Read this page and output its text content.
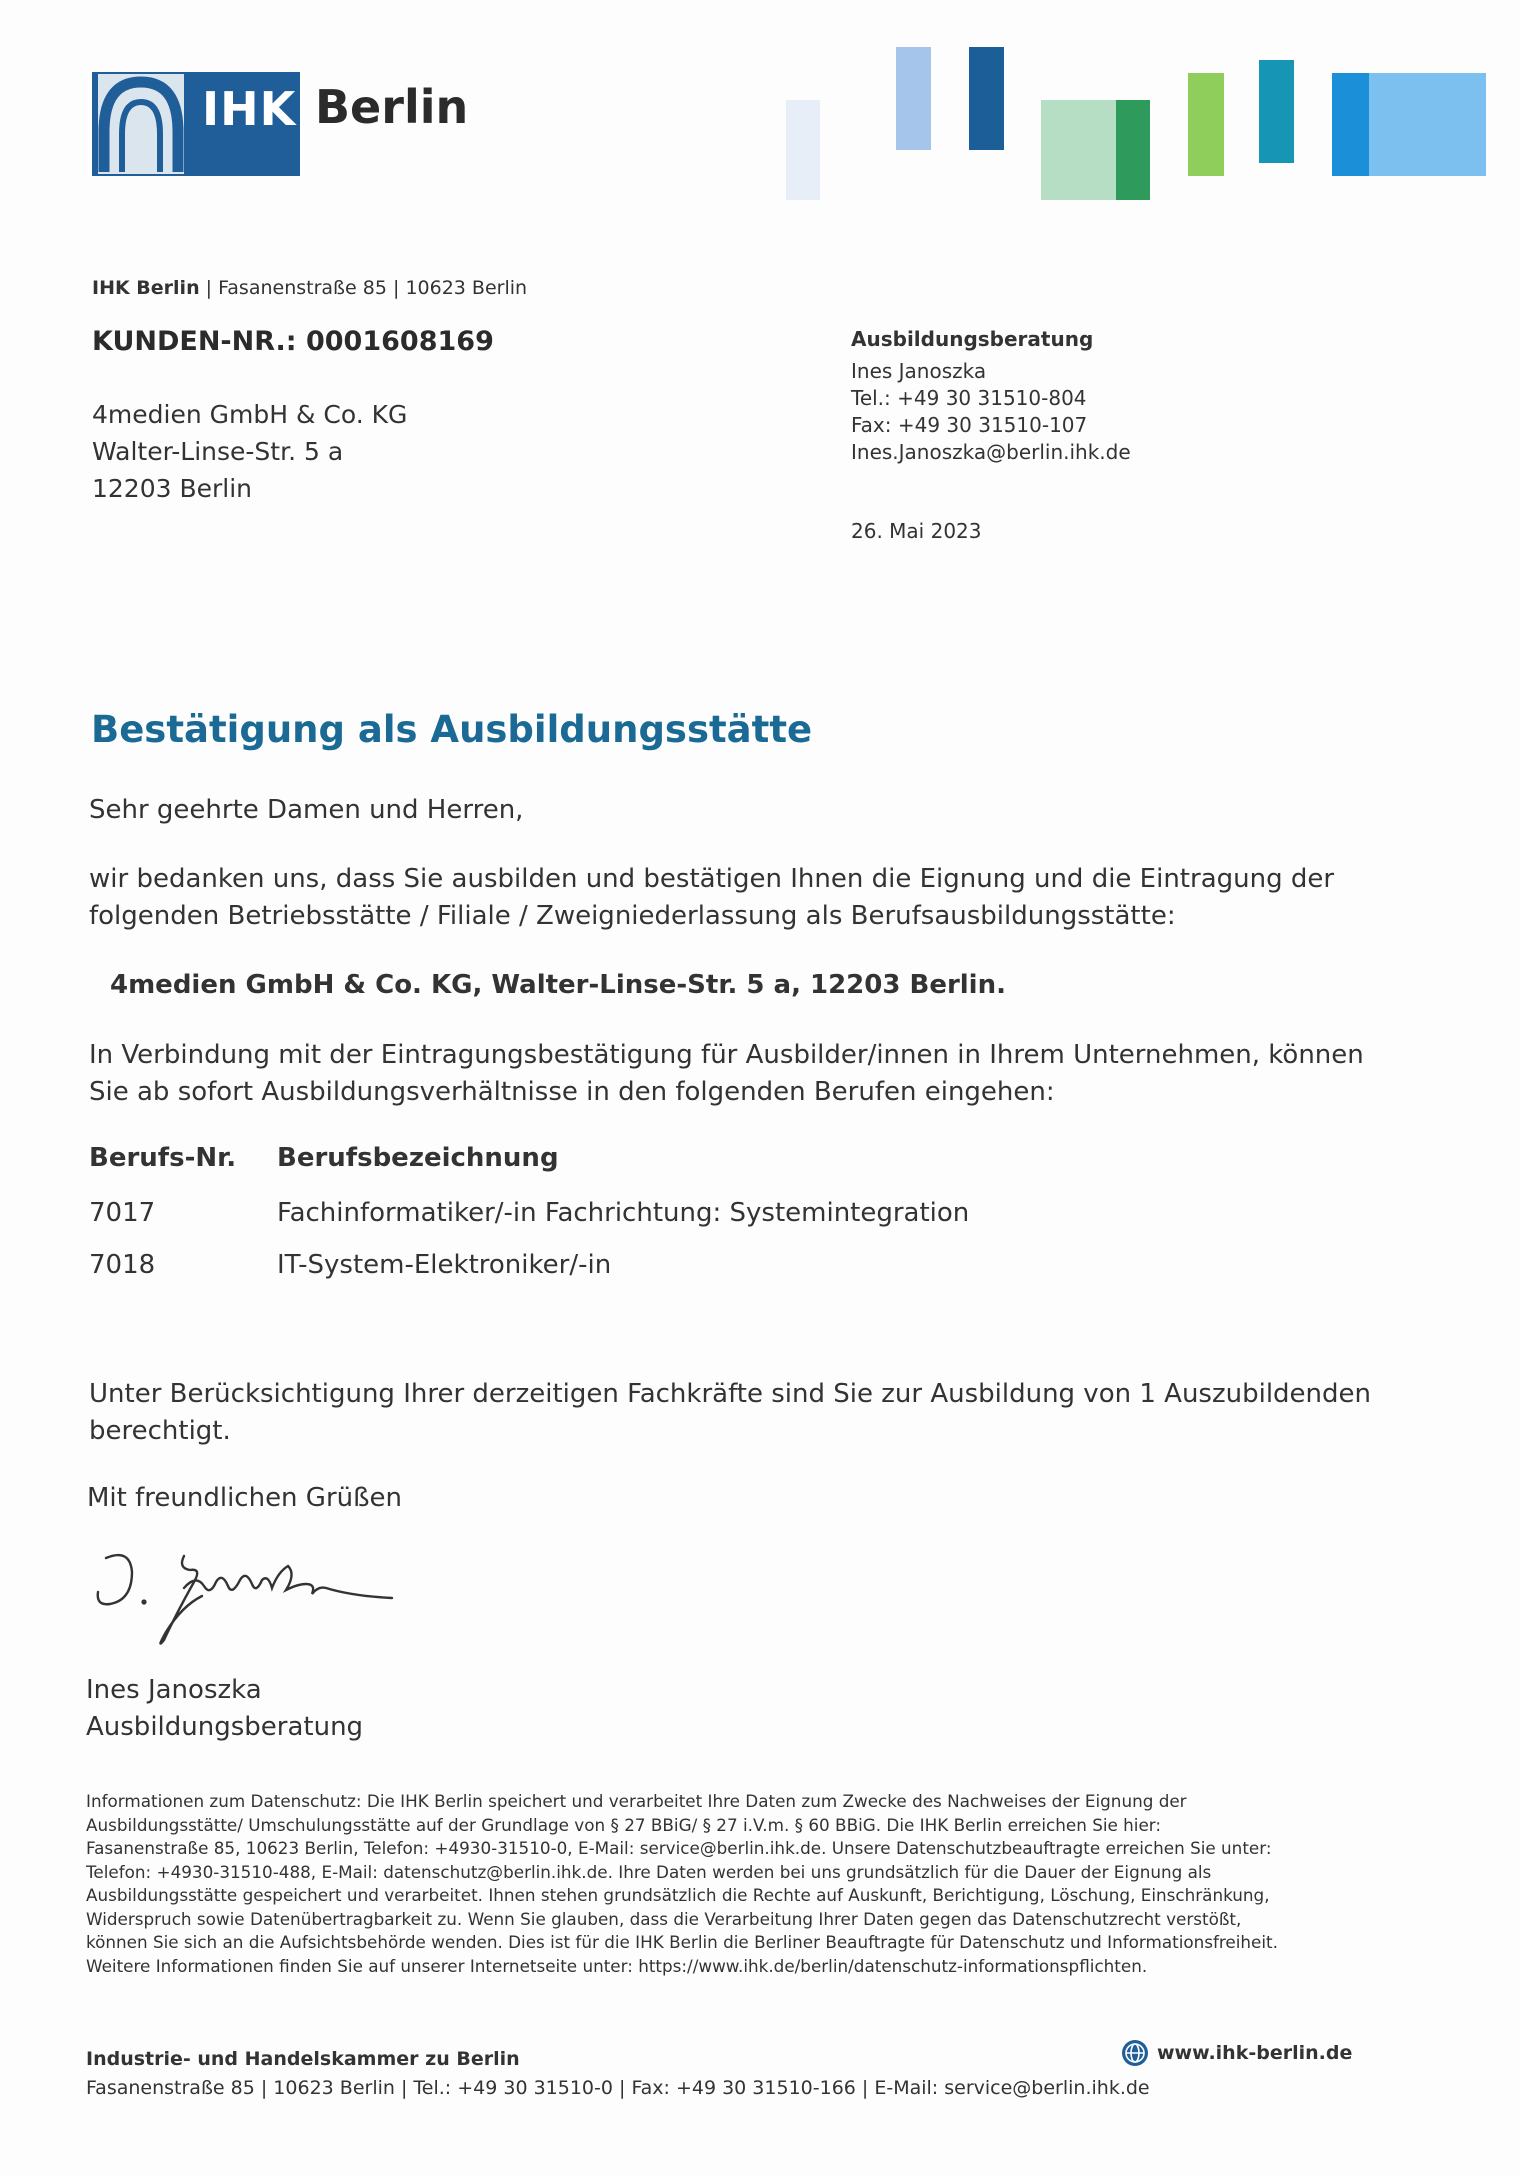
IHK Berlin
IHK Berlin | Fasanenstraße 85 | 10623 Berlin
KUNDEN-NR.: 0001608169
4medien GmbH & Co. KG
Walter-Linse-Str. 5 a
12203 Berlin
Ausbildungsberatung
Ines Janoszka
Tel.: +49 30 31510-804
Fax: +49 30 31510-107
Ines.Janoszka@berlin.ihk.de
26. Mai 2023
Bestätigung als Ausbildungsstätte
Sehr geehrte Damen und Herren,
wir bedanken uns, dass Sie ausbilden und bestätigen Ihnen die Eignung und die Eintragung der
folgenden Betriebsstätte / Filiale / Zweigniederlassung als Berufsausbildungsstätte:
4medien GmbH & Co. KG, Walter-Linse-Str. 5 a, 12203 Berlin.
In Verbindung mit der Eintragungsbestätigung für Ausbilder/innen in Ihrem Unternehmen, können
Sie ab sofort Ausbildungsverhältnisse in den folgenden Berufen eingehen:
Berufs-Nr. Berufsbezeichnung
7017	Fachinformatiker/-in Fachrichtung: Systemintegration
7018	IT-System-Elektroniker/-in
Unter Berücksichtigung Ihrer derzeitigen Fachkräfte sind Sie zur Ausbildung von 1 Auszubildenden
berechtigt.
Mit freundlichen Grüßen
Ines Janoszka
Ausbildungsberatung
Informationen zum Datenschutz: Die IHK Berlin speichert und verarbeitet Ihre Daten zum Zwecke des Nachweises der Eignung der
Ausbildungsstätte/ Umschulungsstätte auf der Grundlage von § 27 BBiG/ § 27 i.V.m. § 60 BBiG. Die IHK Berlin erreichen Sie hier:
Fasanenstraße 85, 10623 Berlin, Telefon: +4930-31510-0, E-Mail: service@berlin.ihk.de. Unsere Datenschutzbeauftragte erreichen Sie unter:
Telefon: +4930-31510-488, E-Mail: datenschutz@berlin.ihk.de. Ihre Daten werden bei uns grundsätzlich für die Dauer der Eignung als
Ausbildungsstätte gespeichert und verarbeitet. Ihnen stehen grundsätzlich die Rechte auf Auskunft, Berichtigung, Löschung, Einschränkung,
Widerspruch sowie Datenübertragbarkeit zu. Wenn Sie glauben, dass die Verarbeitung Ihrer Daten gegen das Datenschutzrecht verstößt,
können Sie sich an die Aufsichtsbehörde wenden. Dies ist für die IHK Berlin die Berliner Beauftragte für Datenschutz und Informationsfreiheit.
Weitere Informationen finden Sie auf unserer Internetseite unter: https://www.ihk.de/berlin/datenschutz-informationspflichten.
Industrie- und Handelskammer zu Berlin
Fasanenstraße 85 | 10623 Berlin | Tel.: +49 30 31510-0 | Fax: +49 30 31510-166 | E-Mail: service@berlin.ihk.de
www.ihk-berlin.de
